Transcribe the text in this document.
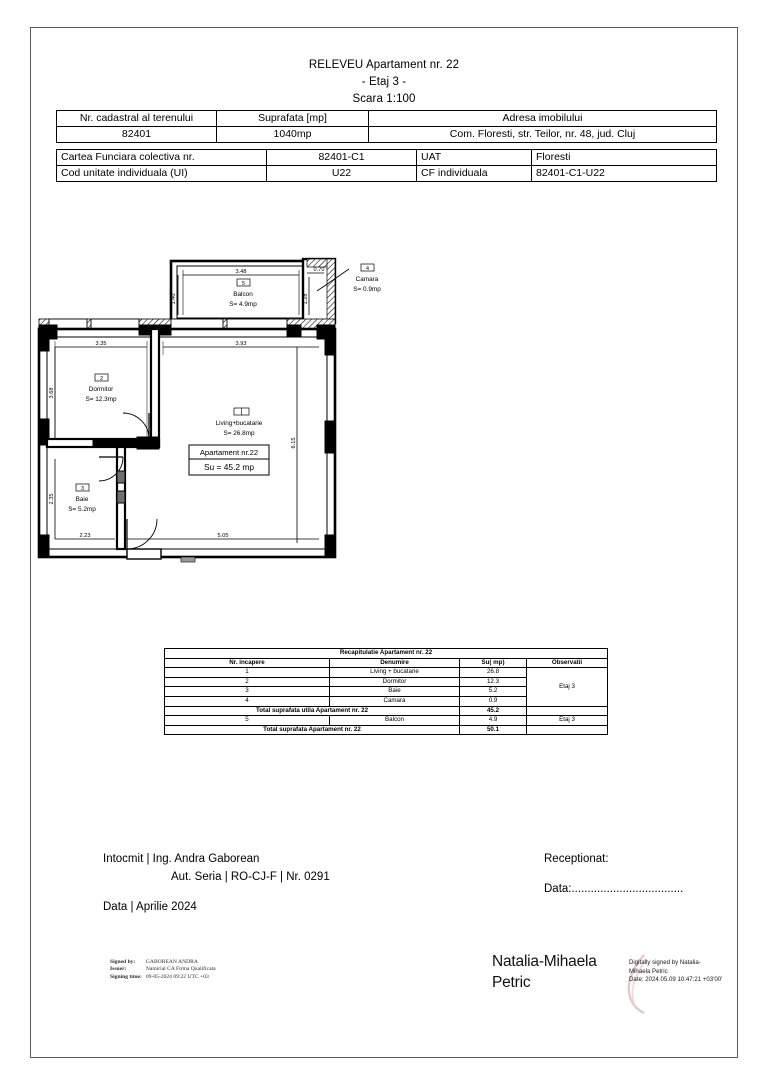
RELEVEU Apartament nr. 22
- Etaj 3 -
Scara 1:100
Nr. cadastral al terenului	Suprafata [mp]	Adresa imobilului
82401	1040mp	Com. Floresti, str. Teilor, nr. 48, jud. Cluj
Cartea Funciara colectiva nr.	82401-C1	UAT	Floresti
Cod unitate individuala (UI)	U22	CF individuala	82401-C1-U22
5
Balcon
S= 4.9mp
3.48
1.40
0.70
1.28
4
Camara
S= 0.9mp
2
Dormitor
S= 12.3mp
3.35
3.68
Living+bucatarie
S= 26.8mp
3.93
6.15
3
Baie
S= 5.2mp
2.23
2.35
5.05
Apartament nr.22
Su = 45.2 mp
Recapitulatie Apartament nr. 22			
Nr. incapere	Denumire	Su( mp)	Observatii
1	Living + bucatarie	26.8	Etaj 3
2	Dormitor	12.3	
3	Baie	5.2	
4	Camara	0.9	
Total suprafata utila Apartament nr. 22		45.2	
5	Balcon	4.9	Etaj 3
Total suprafata Apartament nr. 22		50.1	
Intocmit | Ing. Andra Gaborean
Aut. Seria | RO-CJ-F | Nr. 0291
Data | Aprilie 2024
Receptionat:
Data:...................................
Signed by:	GABOREAN ANDRA
Issuer:	Namirial CA Firma Qualificata
Signing time:	09-05-2024 09:22 UTC +03
Natalia-Mihaela Petric
Digitally signed by Natalia-
Mihaela Petric
Date: 2024.05.09 10:47:21 +03'00'
